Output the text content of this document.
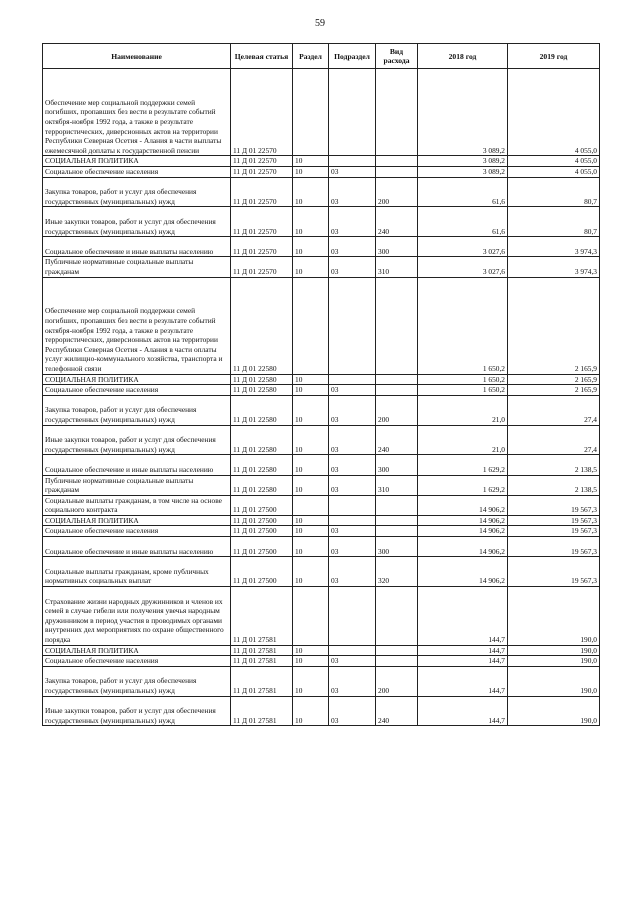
59
Наименование	Целевая статья	Раздел	Подраздел	Вид расхода	2018 год	2019 год
Обеспечение мер социальной поддержки семей погибших, пропавших без вести в результате событий октября-ноября 1992 года, а также в результате террористических, диверсионных актов на территории Республики Северная Осетия - Алания в части выплаты ежемесячной доплаты к государственной пенсии	11 Д 01 22570				3 089,2	4 055,0
СОЦИАЛЬНАЯ ПОЛИТИКА	11 Д 01 22570	10			3 089,2	4 055,0
Социальное обеспечение населения	11 Д 01 22570	10	03		3 089,2	4 055,0
Закупка товаров, работ и услуг для обеспечения государственных (муниципальных) нужд	11 Д 01 22570	10	03	200	61,6	80,7
Иные закупки товаров, работ и услуг для обеспечения государственных (муниципальных) нужд	11 Д 01 22570	10	03	240	61,6	80,7
Социальное обеспечение и иные выплаты населению	11 Д 01 22570	10	03	300	3 027,6	3 974,3
Публичные нормативные социальные выплаты гражданам	11 Д 01 22570	10	03	310	3 027,6	3 974,3
Обеспечение мер социальной поддержки семей погибших, пропавших без вести в результате событий октября-ноября 1992 года, а также в результате террористических, диверсионных актов на территории Республики Северная Осетия - Алания в части оплаты услуг жилищно-коммунального хозяйства, транспорта и телефонной связи	11 Д 01 22580				1 650,2	2 165,9
СОЦИАЛЬНАЯ ПОЛИТИКА	11 Д 01 22580	10			1 650,2	2 165,9
Социальное обеспечение населения	11 Д 01 22580	10	03		1 650,2	2 165,9
Закупка товаров, работ и услуг для обеспечения государственных (муниципальных) нужд	11 Д 01 22580	10	03	200	21,0	27,4
Иные закупки товаров, работ и услуг для обеспечения государственных (муниципальных) нужд	11 Д 01 22580	10	03	240	21,0	27,4
Социальное обеспечение и иные выплаты населению	11 Д 01 22580	10	03	300	1 629,2	2 138,5
Публичные нормативные социальные выплаты гражданам	11 Д 01 22580	10	03	310	1 629,2	2 138,5
Социальные выплаты гражданам, в том числе на основе социального контракта	11 Д 01 27500				14 906,2	19 567,3
СОЦИАЛЬНАЯ ПОЛИТИКА	11 Д 01 27500	10			14 906,2	19 567,3
Социальное обеспечение населения	11 Д 01 27500	10	03		14 906,2	19 567,3
Социальное обеспечение и иные выплаты населению	11 Д 01 27500	10	03	300	14 906,2	19 567,3
Социальные выплаты гражданам, кроме публичных нормативных социальных выплат	11 Д 01 27500	10	03	320	14 906,2	19 567,3
Страхование жизни народных дружинников и членов их семей в случае гибели или получения увечья народным дружинником в период участия в проводимых органами внутренних дел мероприятиях по охране общественного порядка	11 Д 01 27581				144,7	190,0
СОЦИАЛЬНАЯ ПОЛИТИКА	11 Д 01 27581	10			144,7	190,0
Социальное обеспечение населения	11 Д 01 27581	10	03		144,7	190,0
Закупка товаров, работ и услуг для обеспечения государственных (муниципальных) нужд	11 Д 01 27581	10	03	200	144,7	190,0
Иные закупки товаров, работ и услуг для обеспечения государственных (муниципальных) нужд	11 Д 01 27581	10	03	240	144,7	190,0
